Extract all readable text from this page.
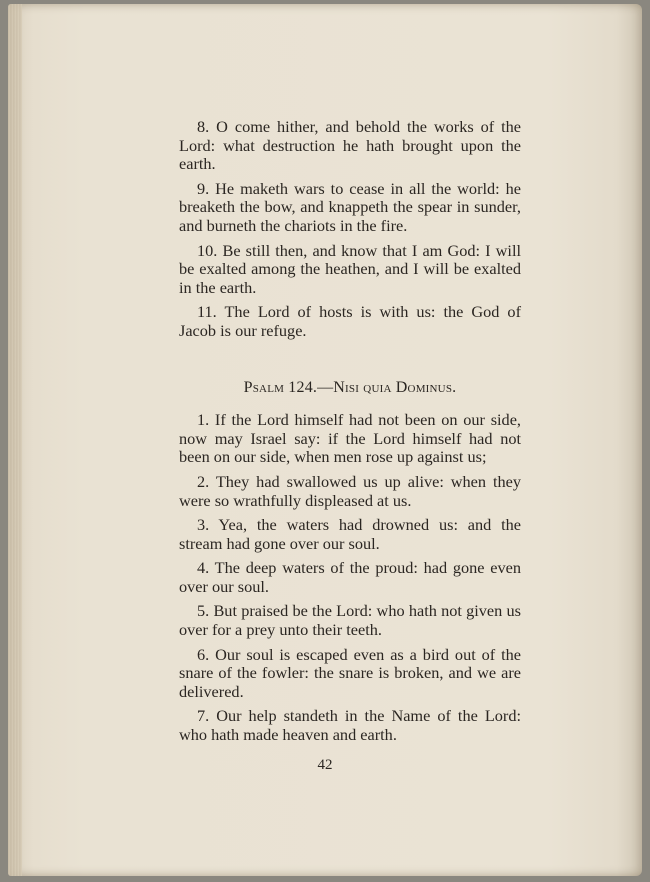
8. O come hither, and behold the works of the Lord: what destruction he hath brought upon the earth.

9. He maketh wars to cease in all the world: he breaketh the bow, and knappeth the spear in sunder, and burneth the chariots in the fire.

10. Be still then, and know that I am God: I will be exalted among the heathen, and I will be exalted in the earth.

11. The Lord of hosts is with us: the God of Jacob is our refuge.

Psalm 124.—Nisi quia Dominus.

1. If the Lord himself had not been on our side, now may Israel say: if the Lord himself had not been on our side, when men rose up against us;

2. They had swallowed us up alive: when they were so wrathfully displeased at us.

3. Yea, the waters had drowned us: and the stream had gone over our soul.

4. The deep waters of the proud: had gone even over our soul.

5. But praised be the Lord: who hath not given us over for a prey unto their teeth.

6. Our soul is escaped even as a bird out of the snare of the fowler: the snare is broken, and we are delivered.

7. Our help standeth in the Name of the Lord: who hath made heaven and earth.

42
